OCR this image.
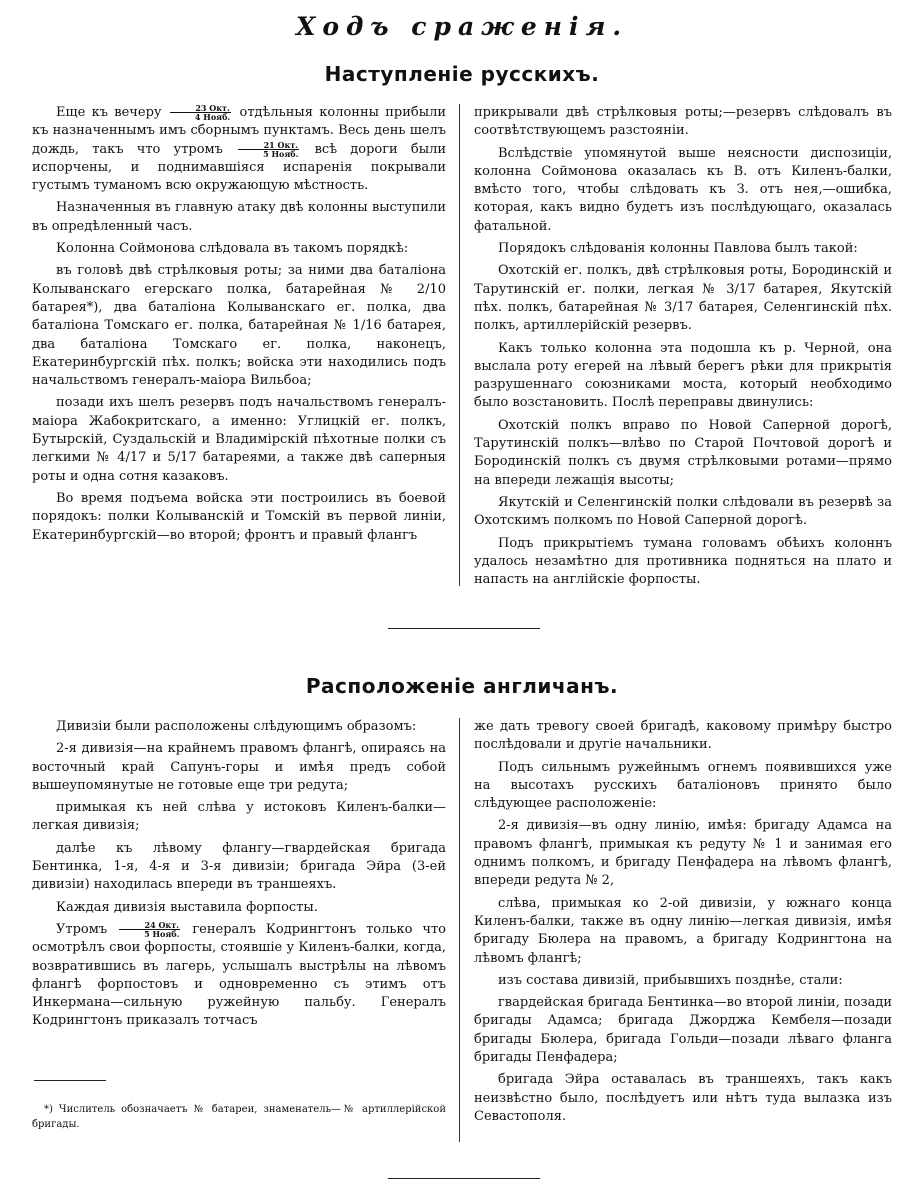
Ходъ сраженія.
Наступленіе русскихъ.

Еще къ вечеру $\frac{\text{23 Окт.}}{\text{4 Нояб.}}$ отдѣльныя колонны прибыли къ назначеннымъ имъ сборнымъ пунктамъ. Весь день шелъ дождь, такъ что утромъ $\frac{\text{21 Окт.}}{\text{5 Нояб.}}$ всѣ дороги были испорчены, и поднимавшіяся испаренія покрывали густымъ туманомъ всю окружающую мѣстность.

Назначенныя въ главную атаку двѣ колонны выступили въ опредѣленный часъ.

Колонна Соймонова слѣдовала въ такомъ порядкѣ:

въ головѣ двѣ стрѣлковыя роты; за ними два баталіона Колыванскаго егерскаго полка, батарейная № 2/10 батарея*), два баталіона Колыванскаго ег. полка, два баталіона Томскаго ег. полка, батарейная № 1/16 батарея, два баталіона Томскаго ег. полка, наконецъ, Екатеринбургскій пѣх. полкъ; войска эти находились подъ начальствомъ генералъ-маіора Вильбоа;

позади ихъ шелъ резервъ подъ начальствомъ генералъ-маіора Жабокритскаго, а именно: Углицкій ег. полкъ, Бутырскій, Суздальскій и Владимірскій пѣхотные полки съ легкими № 4/17 и 5/17 батареями, а также двѣ саперныя роты и одна сотня казаковъ.

Во время подъема войска эти построились въ боевой порядокъ: полки Колыванскій и Томскій въ первой линіи, Екатеринбургскій—во второй; фронтъ и правый флангъ

прикрывали двѣ стрѣлковыя роты;—резервъ слѣдовалъ въ соотвѣтствующемъ разстояніи.

Вслѣдствіе упомянутой выше неясности диспозиціи, колонна Соймонова оказалась къ В. отъ Киленъ-балки, вмѣсто того, чтобы слѣдовать къ З. отъ нея,—ошибка, которая, какъ видно будетъ изъ послѣдующаго, оказалась фатальной.

Порядокъ слѣдованія колонны Павлова былъ такой:

Охотскій ег. полкъ, двѣ стрѣлковыя роты, Бородинскій и Тарутинскій ег. полки, легкая № 3/17 батарея, Якутскій пѣх. полкъ, батарейная № 3/17 батарея, Селенгинскій пѣх. полкъ, артиллерійскій резервъ.

Какъ только колонна эта подошла къ р. Черной, она выслала роту егерей на лѣвый берегъ рѣки для прикрытія разрушеннаго союзниками моста, который необходимо было возстановить. Послѣ переправы двинулись:

Охотскій полкъ вправо по Новой Саперной дорогѣ, Тарутинскій полкъ—влѣво по Старой Почтовой дорогѣ и Бородинскій полкъ съ двумя стрѣлковыми ротами—прямо на впереди лежащія высоты;

Якутскій и Селенгинскій полки слѣдовали въ резервѣ за Охотскимъ полкомъ по Новой Саперной дорогѣ.

Подъ прикрытіемъ тумана головамъ обѣихъ колоннъ удалось незамѣтно для противника подняться на плато и напасть на англійскіе форпосты.

Расположеніе англичанъ.

Дивизіи были расположены слѣдующимъ образомъ:

2-я дивизія—на крайнемъ правомъ флангѣ, опираясь на восточный край Сапунъ-горы и имѣя предъ собой вышеупомянутые не готовые еще три редута;

примыкая къ ней слѣва у истоковъ Киленъ-балки—легкая дивизія;

далѣе къ лѣвому флангу—гвардейская бригада Бентинка, 1-я, 4-я и 3-я дивизіи; бригада Эйра (3-ей дивизіи) находилась впереди въ траншеяхъ.

Каждая дивизія выставила форпосты.

Утромъ $\frac{\text{24 Окт.}}{\text{5 Нояб.}}$ генералъ Кодрингтонъ только что осмотрѣлъ свои форпосты, стоявшіе у Киленъ-балки, когда, возвратившись въ лагерь, услышалъ выстрѣлы на лѣвомъ флангѣ форпостовъ и одновременно съ этимъ отъ Инкермана—сильную ружейную пальбу. Генералъ Кодрингтонъ приказалъ тотчасъ

же дать тревогу своей бригадѣ, каковому примѣру быстро послѣдовали и другіе начальники.

Подъ сильнымъ ружейнымъ огнемъ появившихся уже на высотахъ русскихъ баталіоновъ принято было слѣдующее расположеніе:

2-я дивизія—въ одну линію, имѣя: бригаду Адамса на правомъ флангѣ, примыкая къ редуту № 1 и занимая его однимъ полкомъ, и бригаду Пенфадера на лѣвомъ флангѣ, впереди редута № 2,

слѣва, примыкая ко 2-ой дивизіи, у южнаго конца Киленъ-балки, также въ одну линію—легкая дивизія, имѣя бригаду Бюлера на правомъ, а бригаду Кодрингтона на лѣвомъ флангѣ;

изъ состава дивизій, прибывшихъ позднѣе, стали:

гвардейская бригада Бентинка—во второй линіи, позади бригады Адамса; бригада Джорджа Кембеля—позади бригады Бюлера, бригада Гольди—позади лѣваго фланга бригады Пенфадера;

бригада Эйра оставалась въ траншеяхъ, такъ какъ неизвѣстно было, послѣдуетъ или нѣтъ туда вылазка изъ Севастополя.

*) Числитель обозначаетъ № батареи, знаменатель—№ артиллерійской бригады.
